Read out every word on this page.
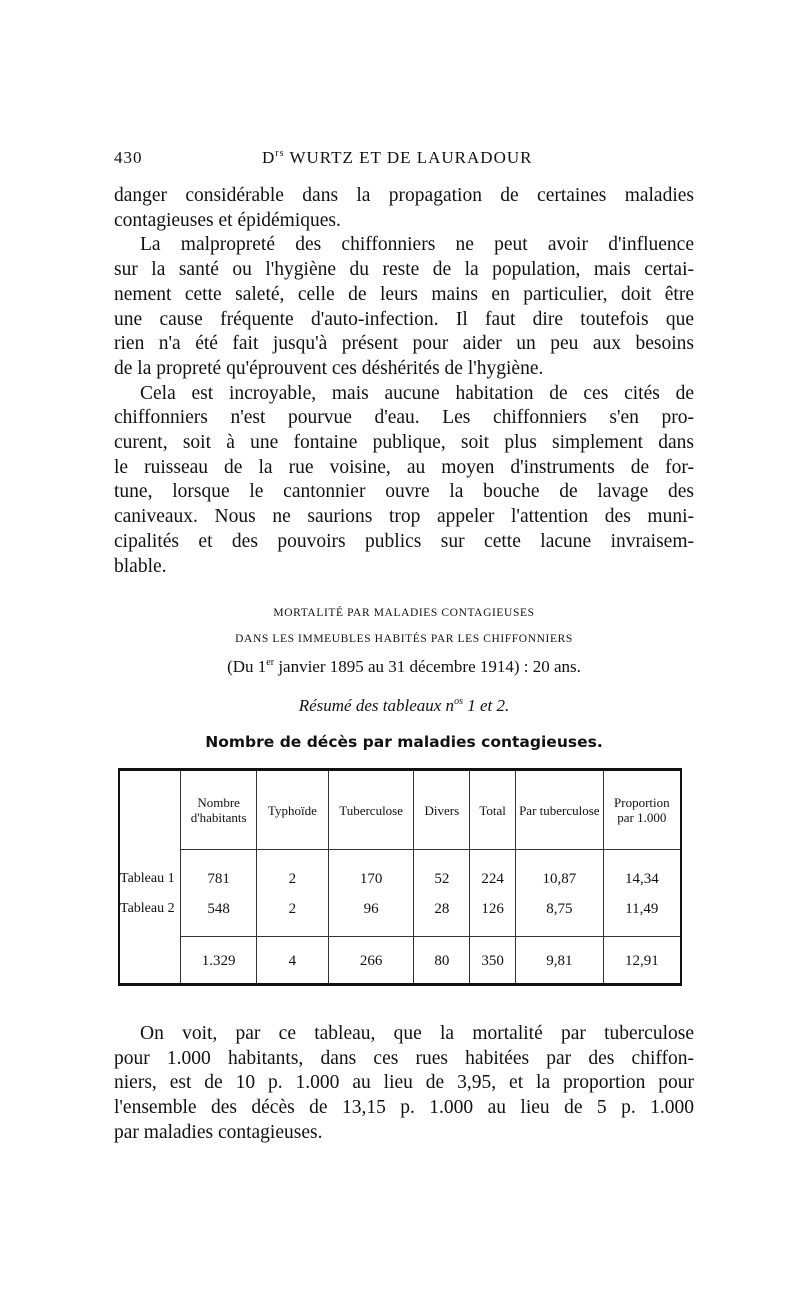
430	$D^{rs}$ WURTZ ET DE LAURADOUR

danger considérable dans la propagation de certaines maladies
contagieuses et épidémiques.

La malpropreté des chiffonniers ne peut avoir d'influence
sur la santé ou l'hygiène du reste de la population, mais certai-
nement cette saleté, celle de leurs mains en particulier, doit être
une cause fréquente d'auto-infection. Il faut dire toutefois que
rien n'a été fait jusqu'à présent pour aider un peu aux besoins
de la propreté qu'éprouvent ces déshérités de l'hygiène.

Cela est incroyable, mais aucune habitation de ces cités de
chiffonniers n'est pourvue d'eau. Les chiffonniers s'en pro-
curent, soit à une fontaine publique, soit plus simplement dans
le ruisseau de la rue voisine, au moyen d'instruments de for-
tune, lorsque le cantonnier ouvre la bouche de lavage des
caniveaux. Nous ne saurions trop appeler l'attention des muni-
cipalités et des pouvoirs publics sur cette lacune invraisem-
blable.

MORTALITÉ PAR MALADIES CONTAGIEUSES
DANS LES IMMEUBLES HABITÉS PAR LES CHIFFONNIERS
(Du 1er janvier 1895 au 31 décembre 1914) : 20 ans.
Résumé des tableaux $n^{os}$ 1 et 2.
Nombre de décès par maladies contagieuses.
	Nombre d'habitants	Typhoïde	Tuberculose	Divers	Total	Par tuberculose	Proportion par 1.000

Tableau 1	781	2	170	52	224	10,87	14,34
Tableau 2	548	2	96	28	126	8,75	11,49

	1.329	4	266	80	350	9,81	12,91

On voit, par ce tableau, que la mortalité par tuberculose
pour 1.000 habitants, dans ces rues habitées par des chiffon-
niers, est de 10 p. 1.000 au lieu de 3,95, et la proportion pour
l'ensemble des décès de 13,15 p. 1.000 au lieu de 5 p. 1.000
par maladies contagieuses.
